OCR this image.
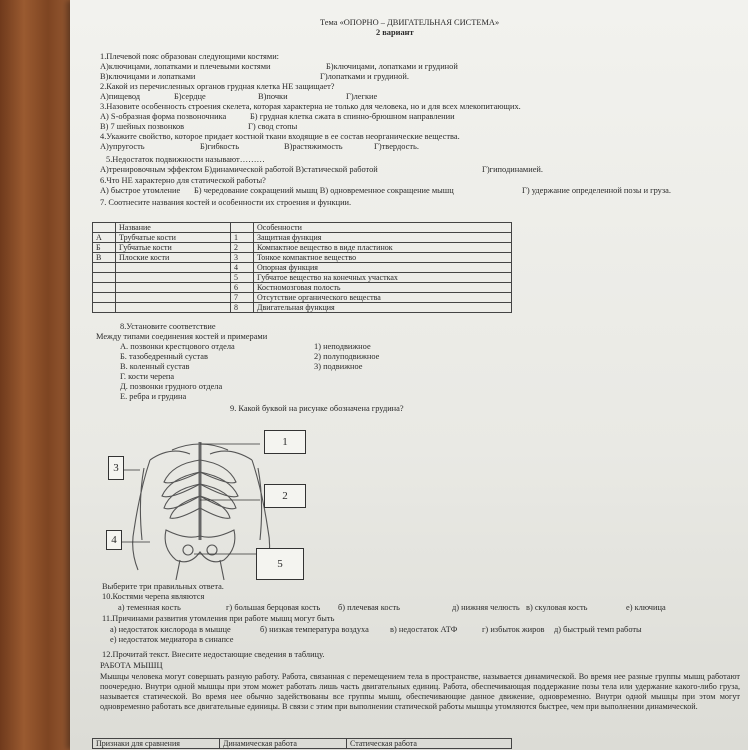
Тема «ОПОРНО – ДВИГАТЕЛЬНАЯ СИСТЕМА»
2 вариант
1.Плечевой пояс образован следующими костями:
А)ключицами, лопатками и плечевыми костями	Б)ключицами, лопатками и грудиной
В)ключицами и лопатками	Г)лопатками и грудиной.
2.Какой из перечисленных органов грудная клетка НЕ защищает?
А)пищевод	Б)сердце	В)почки	Г)легкие
3.Назовите особенность строения скелета, которая характерна не только для человека, но и для всех млекопитающих.
А) S-образная форма позвоночника	Б) грудная клетка сжата в спинно-брюшном направлении
В) 7 шейных позвонков	Г) свод стопы
4.Укажите свойство, которое придает костной ткани входящие в ее состав неорганические вещества.
А)упругость	Б)гибкость	В)растяжимость	Г)твердость.
5.Недостаток подвижности называют………
А)тренировочным эффектом Б)динамической работой В)статической работой	Г)гиподинамией.
6.Что НЕ характерно для статической работы?
А) быстрое утомление Б) чередование сокращений мышц В) одновременное сокращение мышц	Г) удержание определенной позы и груза.
7. Соотнесите названия костей и особенности их строения и функции.
	Название		Особенности
А	Трубчатые кости	1	Защитная функция
Б	Губчатые кости	2	Компактное вещество в виде пластинок
В	Плоские кости	3	Тонкое компактное вещество
		4	Опорная функция
		5	Губчатое вещество на конечных участках
		6	Костномозговая полость
		7	Отсутствие органического вещества
		8	Двигательная функция
8.Установите соответствие
Между типами соединения костей и примерами
А. позвонки крестцового отдела
Б. тазобедренный сустав
В. коленный сустав
Г. кости черепа
Д. позвонки грудного отдела
Е. ребра и грудина
1) неподвижное
2) полуподвижное
3) подвижное
9. Какой буквой на рисунке обозначена грудина?
1
2
3
4
5
Выберите три правильных ответа.
10.Костями черепа являются
а) теменная кость	г) большая берцовая кость б) плечевая кость	д) нижняя челюсть в) скуловая кость	е) ключица
11.Причинами развития утомления при работе мышц могут быть
а) недостаток кислорода в мышце	б) низкая температура воздуха	в) недостаток АТФ	г) избыток жиров д) быстрый темп работы
е) недостаток медиатора в синапсе
12.Прочитай текст. Внесите недостающие сведения в таблицу.
РАБОТА МЫШЦ
Мышцы человека могут совершать разную работу. Работа, связанная с перемещением тела в пространстве, называется динамической. Во время нее разные группы мышц работают поочередно. Внутри одной мышцы при этом может работать лишь часть двигательных единиц. Работа, обеспечивающая поддержание позы тела или удержание какого-либо груза, называется статической. Во время нее обычно задействованы все группы мышц, обеспечивающие данное движение, одновременно. Внутри одной мышцы при этом могут одновременно работать все двигательные единицы. В связи с этим при выполнении статической работы мышцы утомляются быстрее, чем при выполнении динамической.
Признаки для сравнения	Динамическая работа	Статическая работа
